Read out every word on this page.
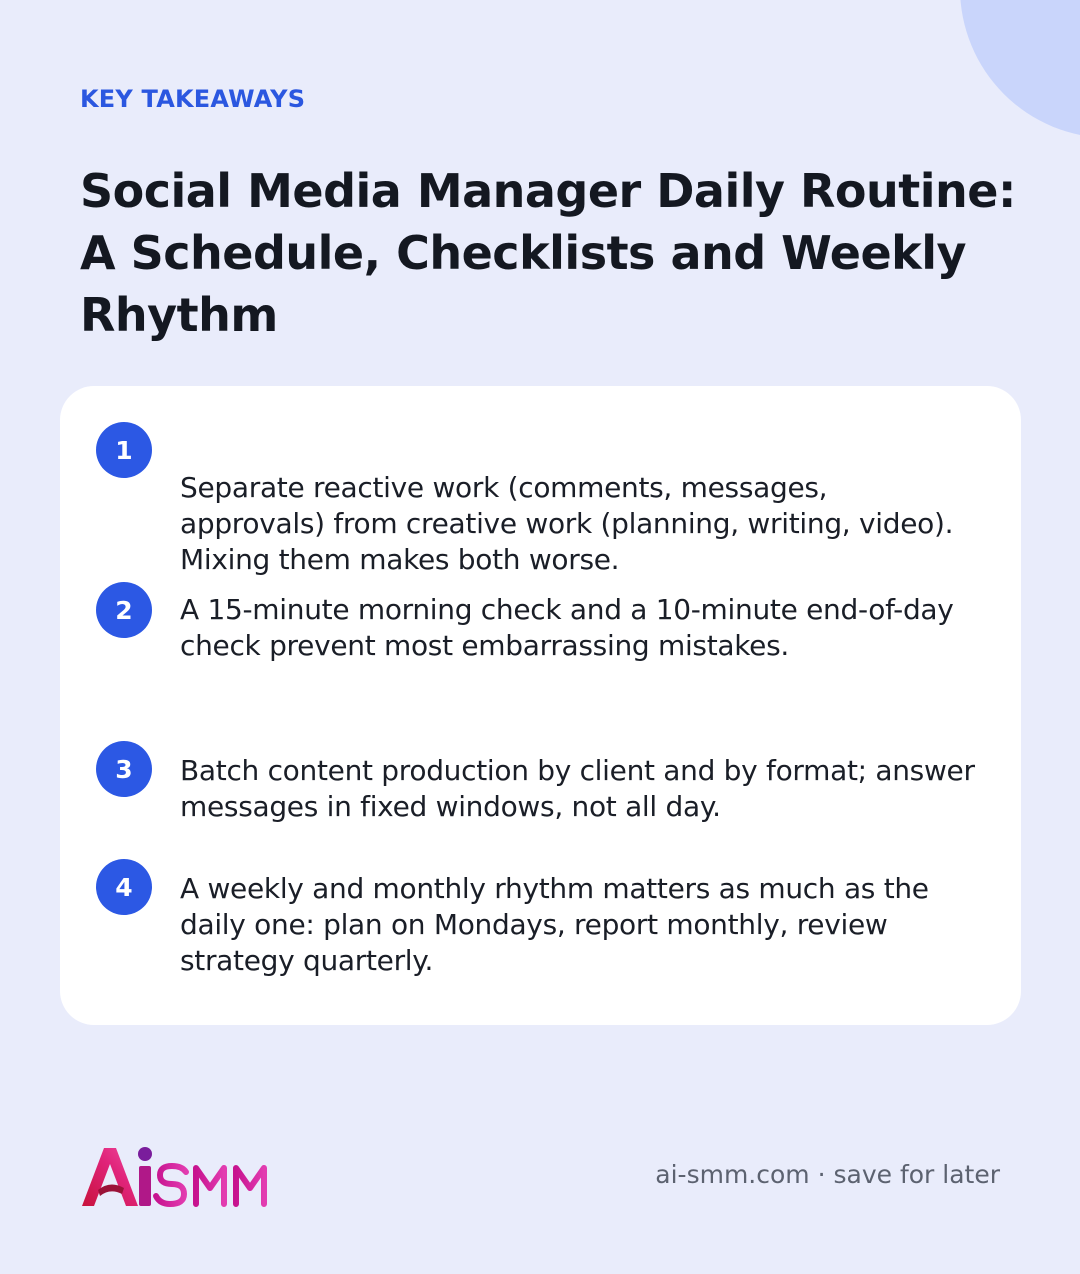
KEY TAKEAWAYS
Social Media Manager Daily Routine: A Schedule, Checklists and Weekly Rhythm
1

Separate reactive work (comments, messages, approvals) from creative work (planning, writing, video). Mixing them makes both worse.

2	A 15-minute morning check and a 10-minute end-of-day check prevent most embarrassing mistakes.

3	Batch content production by client and by format; answer messages in fixed windows, not all day.

4	A weekly and monthly rhythm matters as much as the daily one: plan on Mondays, report monthly, review strategy quarterly.

ai-smm.com · save for later
